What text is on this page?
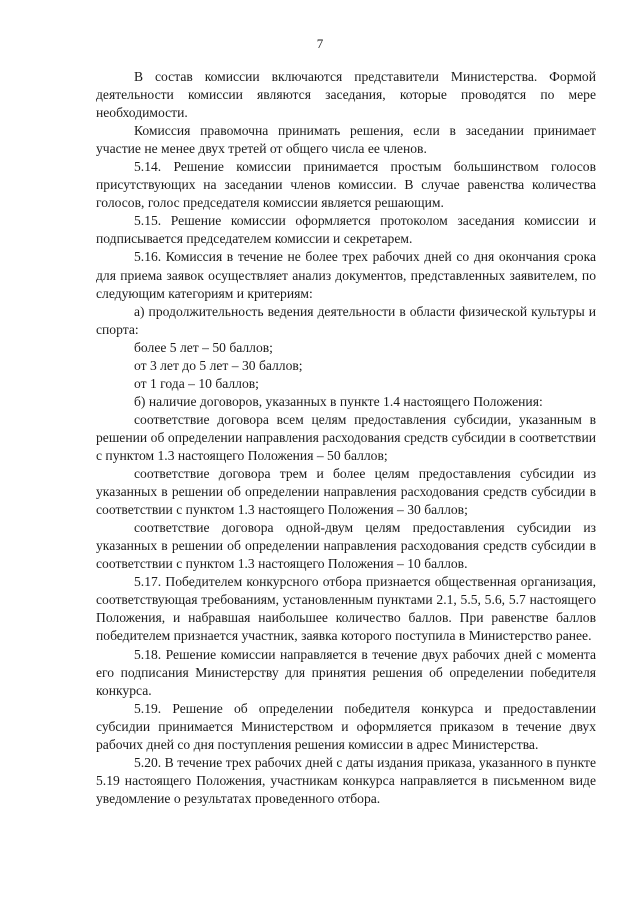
7

В состав комиссии включаются представители Министерства. Формой деятельности комиссии являются заседания, которые проводятся по мере необходимости.

Комиссия правомочна принимать решения, если в заседании принимает участие не менее двух третей от общего числа ее членов.

5.14. Решение комиссии принимается простым большинством голосов присутствующих на заседании членов комиссии. В случае равенства количества голосов, голос председателя комиссии является решающим.

5.15. Решение комиссии оформляется протоколом заседания комиссии и подписывается председателем комиссии и секретарем.

5.16. Комиссия в течение не более трех рабочих дней со дня окончания срока для приема заявок осуществляет анализ документов, представленных заявителем, по следующим категориям и критериям:

а) продолжительность ведения деятельности в области физической культуры и спорта:

более 5 лет – 50 баллов;

от 3 лет до 5 лет – 30 баллов;

от 1 года – 10 баллов;

б) наличие договоров, указанных в пункте 1.4 настоящего Положения:

соответствие договора всем целям предоставления субсидии, указанным в решении об определении направления расходования средств субсидии в соответствии с пунктом 1.3 настоящего Положения – 50 баллов;

соответствие договора трем и более целям предоставления субсидии из указанных в решении об определении направления расходования средств субсидии в соответствии с пунктом 1.3 настоящего Положения – 30 баллов;

соответствие договора одной-двум целям предоставления субсидии из указанных в решении об определении направления расходования средств субсидии в соответствии с пунктом 1.3 настоящего Положения – 10 баллов.

5.17. Победителем конкурсного отбора признается общественная организация, соответствующая требованиям, установленным пунктами 2.1, 5.5, 5.6, 5.7 настоящего Положения, и набравшая наибольшее количество баллов. При равенстве баллов победителем признается участник, заявка которого поступила в Министерство ранее.

5.18. Решение комиссии направляется в течение двух рабочих дней с момента его подписания Министерству для принятия решения об определении победителя конкурса.

5.19. Решение об определении победителя конкурса и предоставлении субсидии принимается Министерством и оформляется приказом в течение двух рабочих дней со дня поступления решения комиссии в адрес Министерства.

5.20. В течение трех рабочих дней с даты издания приказа, указанного в пункте 5.19 настоящего Положения, участникам конкурса направляется в письменном виде уведомление о результатах проведенного отбора.
